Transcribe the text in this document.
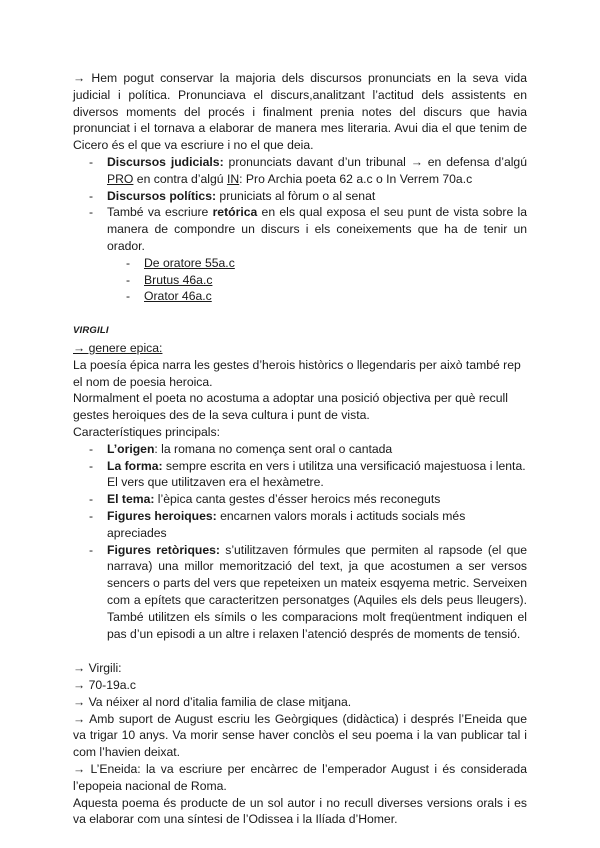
→ Hem pogut conservar la majoria dels discursos pronunciats en la seva vida judicial i política. Pronunciava el discurs,analitzant l’actitud dels assistents en diversos moments del procés i finalment prenia notes del discurs que havia pronunciat i el tornava a elaborar de manera mes literaria. Avui dia el que tenim de Cicero és el que va escriure i no el que deia.

- Discursos judicials: pronunciats davant d’un tribunal → en defensa d’algú PRO en contra d’algú IN: Pro Archia poeta 62 a.c o In Verrem 70a.c
- Discursos polítics: pruniciats al fòrum o al senat
- També va escriure retórica en els qual exposa el seu punt de vista sobre la manera de compondre un discurs i els coneixements que ha de tenir un orador.
- De oratore 55a.c
- Brutus 46a.c
- Orator 46a.c

VIRGILI

→ genere epica:

La poesía épica narra les gestes d’herois històrics o llegendaris per això també rep el nom de poesia heroica.

Normalment el poeta no acostuma a adoptar una posició objectiva per què recull gestes heroiques des de la seva cultura i punt de vista.

Característiques principals:

- L’origen: la romana no comença sent oral o cantada
- La forma: sempre escrita en vers i utilitza una versificació majestuosa i lenta. El vers que utilitzaven era el hexàmetre.
- El tema: l’èpica canta gestes d’ésser heroics més reconeguts
- Figures heroiques: encarnen valors morals i actituds socials més apreciades
- Figures retòriques: s’utilitzaven fórmules que permiten al rapsode (el que narrava) una millor memorització del text, ja que acostumen a ser versos sencers o parts del vers que repeteixen un mateix esqyema metric. Serveixen com a epítets que caracteritzen personatges (Aquiles els dels peus lleugers). També utilitzen els símils o les comparacions molt freqüentment indiquen el pas d’un episodi a un altre i relaxen l’atenció després de moments de tensió.

→ Virgili:

→ 70-19a.c

→ Va néixer al nord d’italia familia de clase mitjana.

→ Amb suport de August escriu les Geòrgiques (didàctica) i després l’Eneida que va trigar 10 anys. Va morir sense haver conclòs el seu poema i la van publicar tal i com l’havien deixat.

→ L’Eneida: la va escriure per encàrrec de l’emperador August i és considerada l’epopeia nacional de Roma.

Aquesta poema és producte de un sol autor i no recull diverses versions orals i es va elaborar com una síntesi de l’Odissea i la Ilíada d’Homer.
